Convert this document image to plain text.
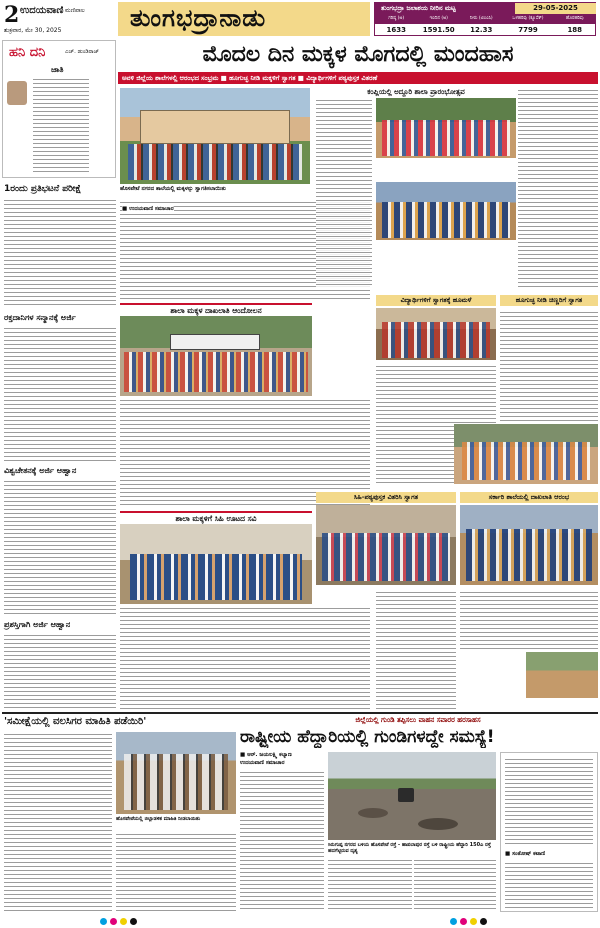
2 ಉದಯವಾಣಿ ಮಣಿಪಾಲ
ಶುಕ್ರವಾರ, ಮೇ 30, 2025	ತುಂಗಭದ್ರಾನಾಡು	ತುಂಗಭದ್ರಾ ಜಲಾಶಯ ನೀರಿನ ಮಟ್ಟ	29-05-2025
ಗರಿಷ್ಠ (ಅ)	ಇಂದಿನ (ಅ)	ನೀರು (ಟಿಎಂಸಿ)	ಒಳಹರಿವು (ಕ್ಯೂಸೆಕ್)	ಹೊರಹರಿವು
1633	1591.50	12.33	7799	188
ಹನಿ ದನಿ	ಎಚ್. ಡುಂಡಿರಾಜ್
ಜಾತಿ
1ರಂದು ಪ್ರತಿಭಟನೆ ಪರೀಕ್ಷೆ
ರಕ್ತದಾನಿಗಳ ಸನ್ಮಾನಕ್ಕೆ ಅರ್ಜಿ
ವಿಶ್ವಚೇತನಕ್ಕೆ ಅರ್ಜಿ ಆಹ್ವಾನ
ಪ್ರಶಸ್ತಿಗಾಗಿ ಅರ್ಜಿ ಆಹ್ವಾನ
ಮೊದಲ ದಿನ ಮಕ್ಕಳ ಮೊಗದಲ್ಲಿ ಮಂದಹಾಸ
ಅವಳಿ ಜಿಲ್ಲೆಯ ಶಾಲೆಗಳಲ್ಲಿ ಆರಂಭದ ಸಂಭ್ರಮ ■ ಹೂಗುಚ್ಛ ನೀಡಿ ಮಕ್ಕಳಿಗೆ ಸ್ವಾಗತ ■ ವಿದ್ಯಾರ್ಥಿಗಳಿಗೆ ಪಠ್ಯಪುಸ್ತಕ ವಿತರಣೆ
ಹೊಸಪೇಟೆ ನಗರದ ಶಾಲೆಯಲ್ಲಿ ಮಕ್ಕಳನ್ನು ಸ್ವಾಗತಿಸಲಾಯಿತು
ಶಾಲಾ ಮಕ್ಕಳ ದಾಖಲಾತಿ ಆಂದೋಲನ
ಶಾಲಾ ಮಕ್ಕಳಿಗೆ ಸಿಹಿ ಊಟದ ಸವಿ
■ ಉದಯವಾಣಿ ಸಮಾಚಾರ
ಕಂಪ್ಲಿಯಲ್ಲಿ ಅದ್ದೂರಿ ಶಾಲಾ ಪ್ರಾರಂಭೋತ್ಸವ
ವಿದ್ಯಾರ್ಥಿಗಳಿಗೆ ಸ್ವಾಗತಕ್ಕೆ ಹೂಮಳೆ	ಹೂಗುಚ್ಛ ನೀಡಿ ಚಿಣ್ಣರಿಗೆ ಸ್ವಾಗತ
ಸಿಹಿ-ಪಠ್ಯಪುಸ್ತಕ ವಿತರಿಸಿ ಸ್ವಾಗತ	ಸರ್ಕಾರಿ ಶಾಲೆಯಲ್ಲಿ ದಾಖಲಾತಿ ಆರಂಭ
'ಸಮೀಕ್ಷೆಯಲ್ಲಿ ವಲಸಿಗರ ಮಾಹಿತಿ ಪಡೆಯಿರಿ'
ಹೊಸಪೇಟೆಯಲ್ಲಿ ಜಿಲ್ಲಾಡಳಿತ ಮಾಹಿತಿ ನೀಡಲಾಯಿತು
ಜಿಲ್ಲೆಯಲ್ಲಿ ಗುಂಡಿ ತಪ್ಪಿಸಲು ವಾಹನ ಸವಾರರ ಹರಸಾಹಸ
ರಾಷ್ಟ್ರೀಯ ಹೆದ್ದಾರಿಯಲ್ಲಿ ಗುಂಡಿಗಳದ್ದೇ ಸಮಸ್ಯೆ!
■ ಆರ್. ಜಯಲಕ್ಷ್ಮಿ ಕಲ್ಯಾಣ
ಉದಯವಾಣಿ ಸಮಾಚಾರ
ಸಿರುಗುಪ್ಪ ನಗರದ ಬಳಿಯ ಹೊಸಪೇಟೆ ರಸ್ತೆ - ಹಾಪಲಾಪುರ ರಸ್ತೆ ಬಳಿ ರಾಷ್ಟ್ರೀಯ ಹೆದ್ದಾರಿ 150ಎ ರಸ್ತೆ ಹದಗೆಟ್ಟಿರುವ ದೃಶ್ಯ	■ ಸಂತೋಷ್ ಕಟಾಣಿ
